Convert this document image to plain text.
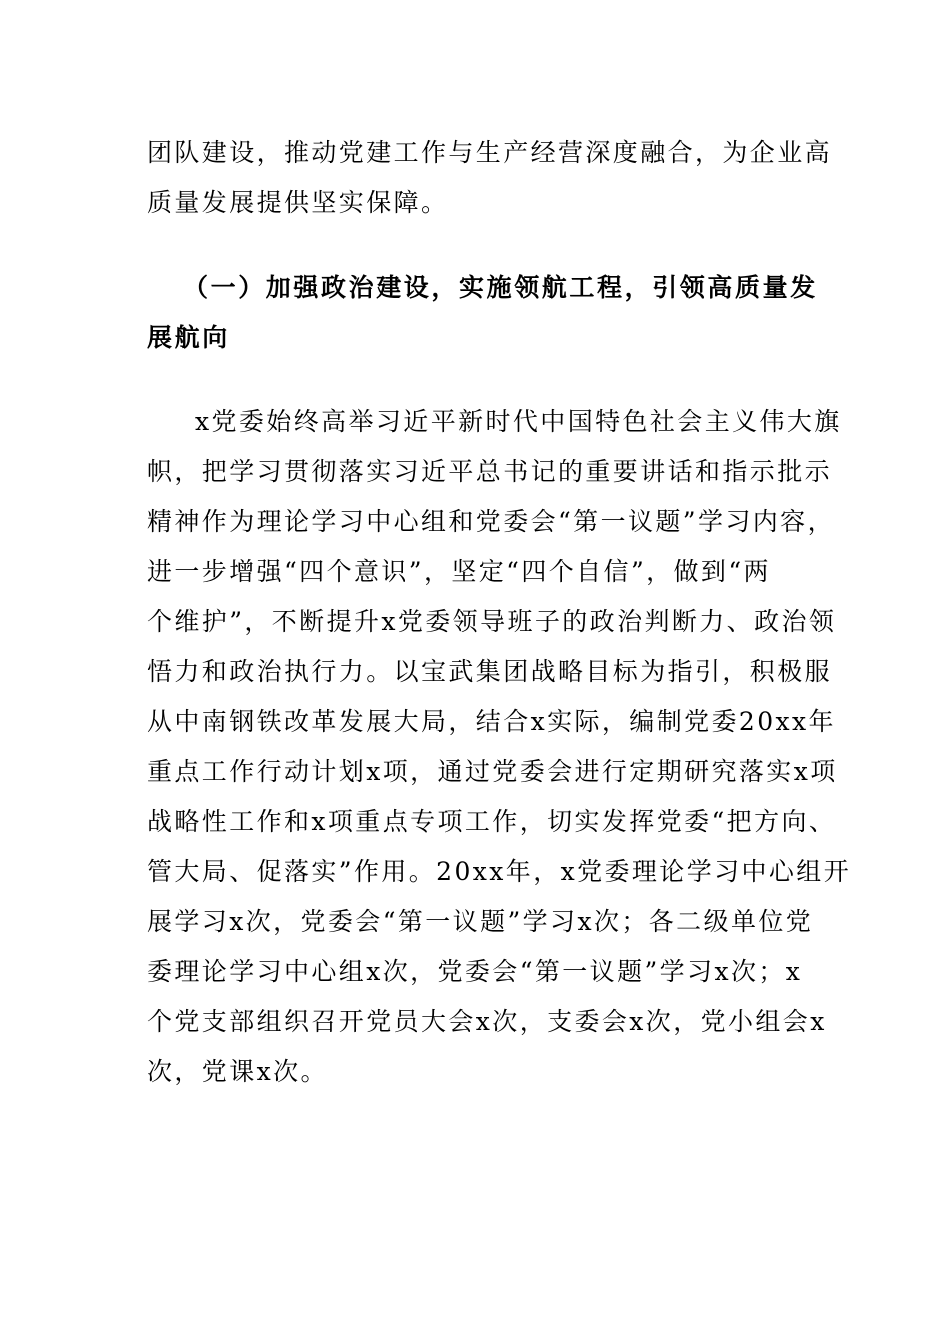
团队建设，推动党建工作与生产经营深度融合，为企业高
质量发展提供坚实保障。
（一）加强政治建设，实施领航工程，引领高质量发
展航向
x党委始终高举习近平新时代中国特色社会主义伟大旗
帜，把学习贯彻落实习近平总书记的重要讲话和指示批示
精神作为理论学习中心组和党委会“第一议题”学习内容，
进一步增强“四个意识”，坚定“四个自信”，做到“两
个维护”，不断提升x党委领导班子的政治判断力、政治领
悟力和政治执行力。以宝武集团战略目标为指引，积极服
从中南钢铁改革发展大局，结合x实际，编制党委20xx年
重点工作行动计划x项，通过党委会进行定期研究落实x项
战略性工作和x项重点专项工作，切实发挥党委“把方向、
管大局、促落实”作用。20xx年，x党委理论学习中心组开
展学习x次，党委会“第一议题”学习x次；各二级单位党
委理论学习中心组x次，党委会“第一议题”学习x次；x
个党支部组织召开党员大会x次，支委会x次，党小组会x
次，党课x次。
